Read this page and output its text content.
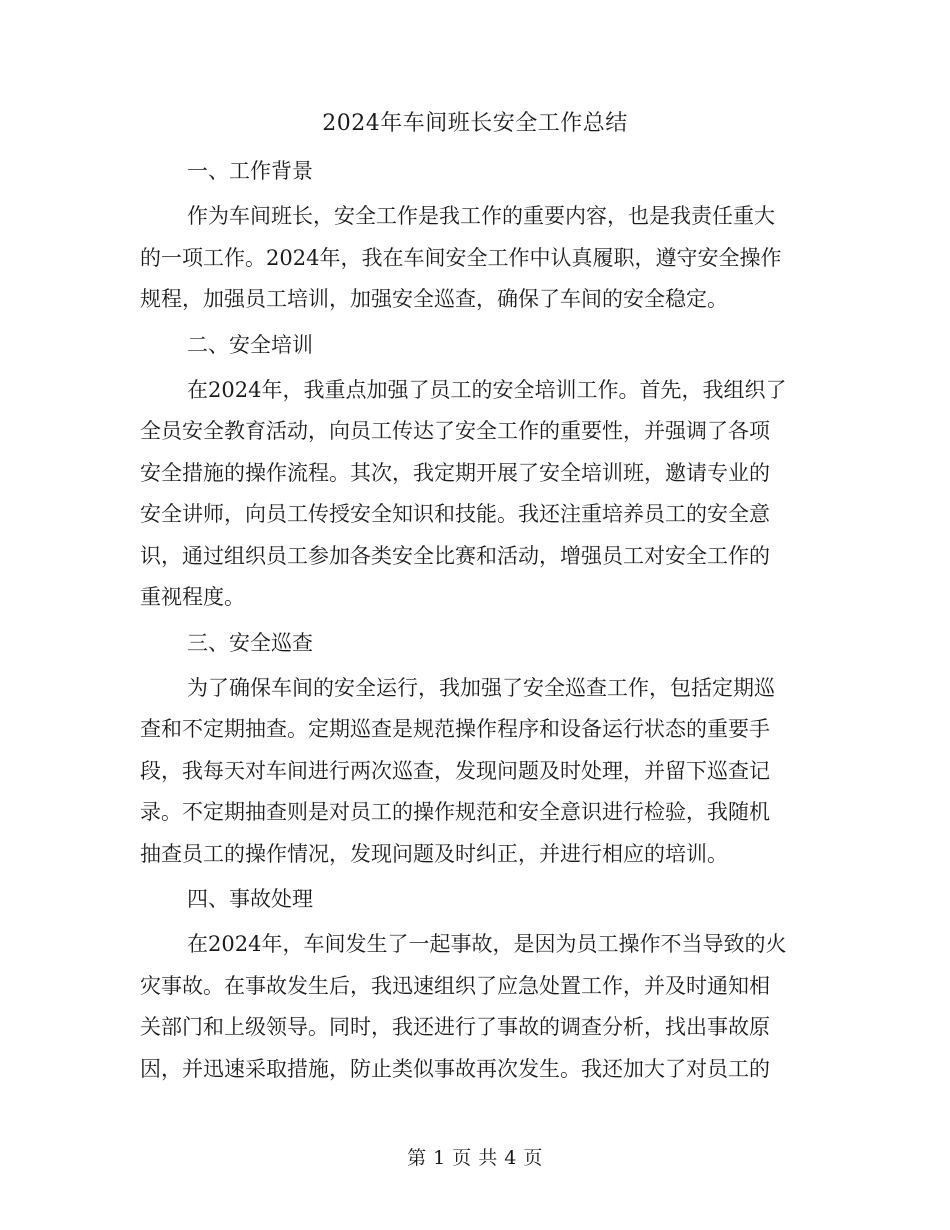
2024年车间班长安全工作总结
一、工作背景
作为车间班长，安全工作是我工作的重要内容，也是我责任重大
的一项工作。2024年，我在车间安全工作中认真履职，遵守安全操作
规程，加强员工培训，加强安全巡查，确保了车间的安全稳定。
二、安全培训
在2024年，我重点加强了员工的安全培训工作。首先，我组织了
全员安全教育活动，向员工传达了安全工作的重要性，并强调了各项
安全措施的操作流程。其次，我定期开展了安全培训班，邀请专业的
安全讲师，向员工传授安全知识和技能。我还注重培养员工的安全意
识，通过组织员工参加各类安全比赛和活动，增强员工对安全工作的
重视程度。
三、安全巡查
为了确保车间的安全运行，我加强了安全巡查工作，包括定期巡
查和不定期抽查。定期巡查是规范操作程序和设备运行状态的重要手
段，我每天对车间进行两次巡查，发现问题及时处理，并留下巡查记
录。不定期抽查则是对员工的操作规范和安全意识进行检验，我随机
抽查员工的操作情况，发现问题及时纠正，并进行相应的培训。
四、事故处理
在2024年，车间发生了一起事故，是因为员工操作不当导致的火
灾事故。在事故发生后，我迅速组织了应急处置工作，并及时通知相
关部门和上级领导。同时，我还进行了事故的调查分析，找出事故原
因，并迅速采取措施，防止类似事故再次发生。我还加大了对员工的
第 1 页 共 4 页
